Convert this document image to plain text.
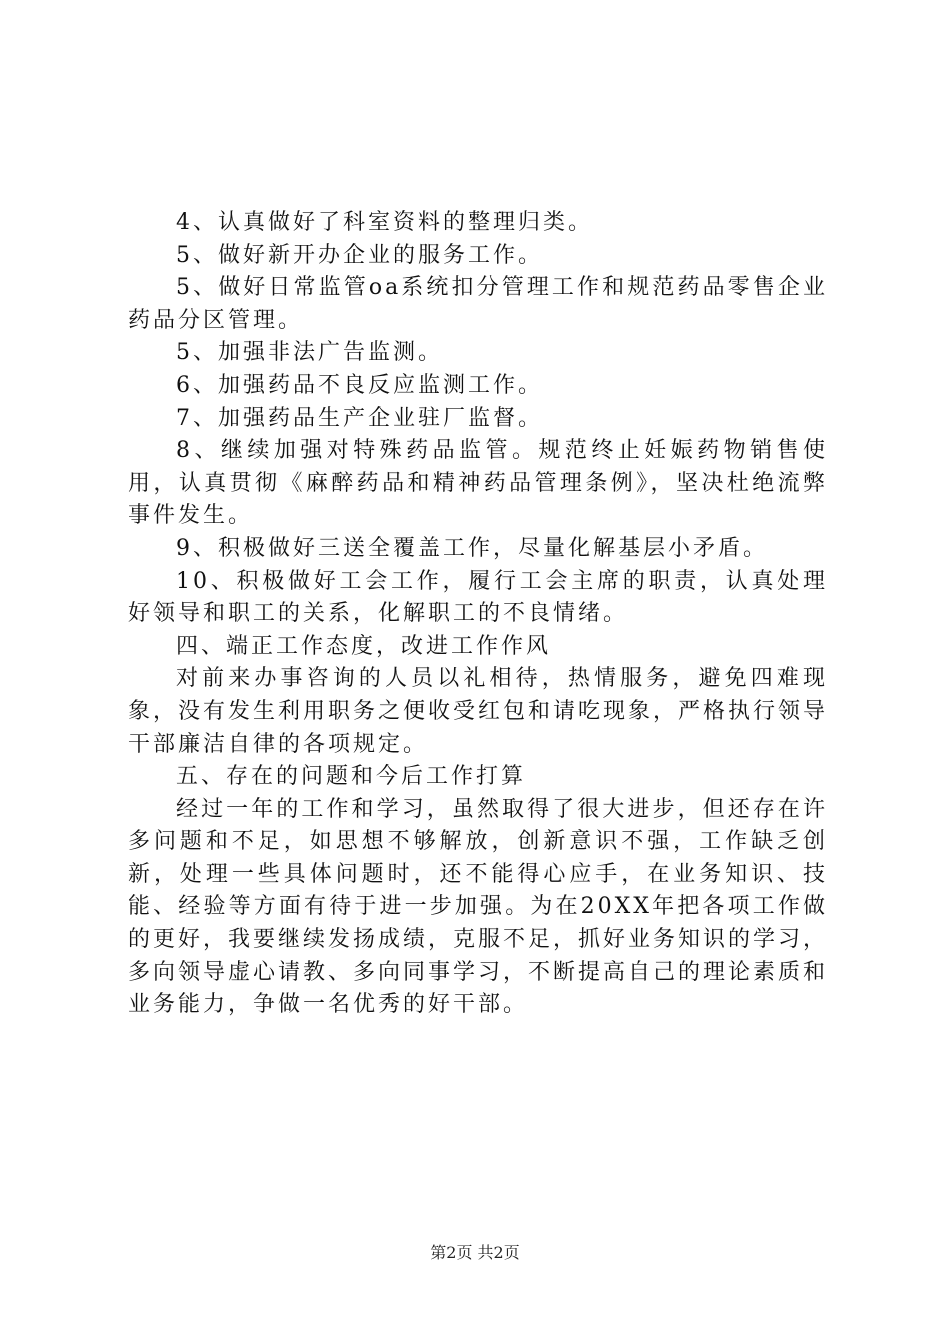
4、认真做好了科室资料的整理归类。

5、做好新开办企业的服务工作。

5、做好日常监管oa系统扣分管理工作和规范药品零售企业药品分区管理。

5、加强非法广告监测。

6、加强药品不良反应监测工作。

7、加强药品生产企业驻厂监督。

8、继续加强对特殊药品监管。规范终止妊娠药物销售使用，认真贯彻《麻醉药品和精神药品管理条例》，坚决杜绝流弊事件发生。

9、积极做好三送全覆盖工作，尽量化解基层小矛盾。

10、积极做好工会工作，履行工会主席的职责，认真处理好领导和职工的关系，化解职工的不良情绪。

四、端正工作态度，改进工作作风

对前来办事咨询的人员以礼相待，热情服务，避免四难现象，没有发生利用职务之便收受红包和请吃现象，严格执行领导干部廉洁自律的各项规定。

五、存在的问题和今后工作打算

经过一年的工作和学习，虽然取得了很大进步，但还存在许多问题和不足，如思想不够解放，创新意识不强，工作缺乏创新，处理一些具体问题时，还不能得心应手，在业务知识、技能、经验等方面有待于进一步加强。为在20XX年把各项工作做的更好，我要继续发扬成绩，克服不足，抓好业务知识的学习，多向领导虚心请教、多向同事学习，不断提高自己的理论素质和业务能力，争做一名优秀的好干部。

第2页 共2页
